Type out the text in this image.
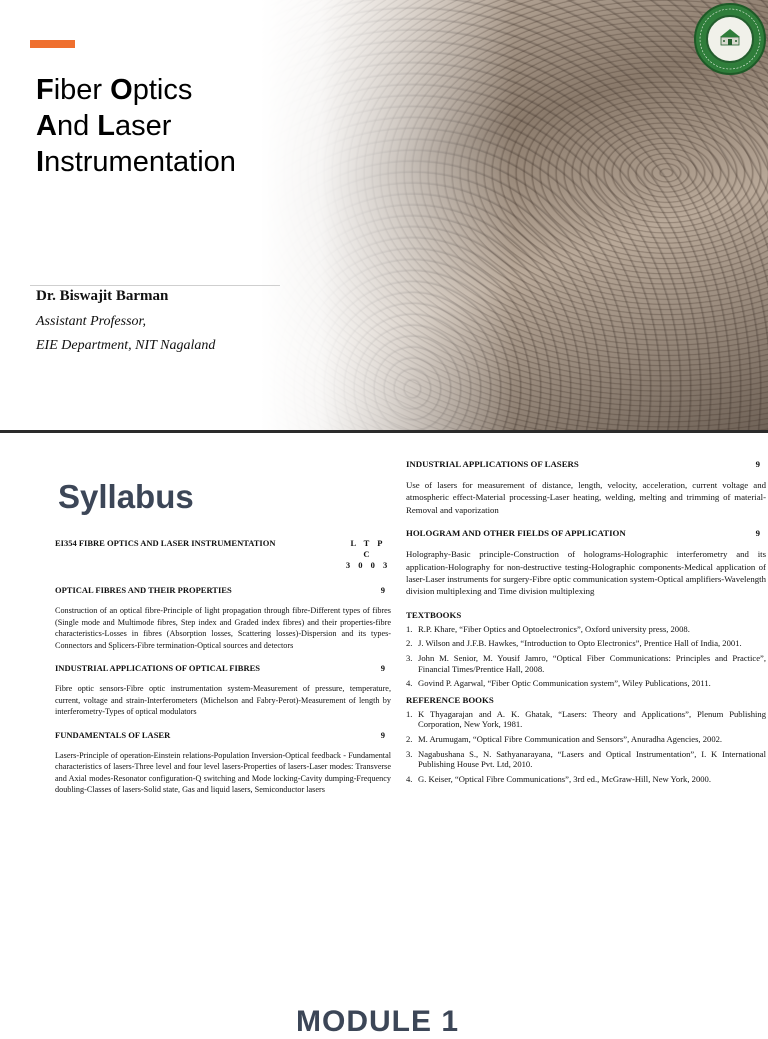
Fiber Optics
And Laser
Instrumentation
Dr. Biswajit Barman
Assistant Professor,
EIE Department, NIT Nagaland
Syllabus
EI354 FIBRE OPTICS AND LASER INSTRUMENTATION	L T P C
3 0 0 3
OPTICAL FIBRES AND THEIR PROPERTIES	9

Construction of an optical fibre-Principle of light propagation through fibre-Different types of fibres (Single mode and Multimode fibres, Step index and Graded index fibres) and their properties-fibre characteristics-Losses in fibres (Absorption losses, Scattering losses)-Dispersion and its types-Connectors and Splicers-Fibre termination-Optical sources and detectors

INDUSTRIAL APPLICATIONS OF OPTICAL FIBRES	9

Fibre optic sensors-Fibre optic instrumentation system-Measurement of pressure, temperature, current, voltage and strain-Interferometers (Michelson and Fabry-Perot)-Measurement of length by interferometry-Types of optical modulators

FUNDAMENTALS OF LASER	9

Lasers-Principle of operation-Einstein relations-Population Inversion-Optical feedback - Fundamental characteristics of lasers-Three level and four level lasers-Properties of lasers-Laser modes: Transverse and Axial modes-Resonator configuration-Q switching and Mode locking-Cavity dumping-Frequency doubling-Classes of lasers-Solid state, Gas and liquid lasers, Semiconductor lasers

INDUSTRIAL APPLICATIONS OF LASERS	9

Use of lasers for measurement of distance, length, velocity, acceleration, current voltage and atmospheric effect-Material processing-Laser heating, welding, melting and trimming of material-Removal and vaporization

HOLOGRAM AND OTHER FIELDS OF APPLICATION	9

Holography-Basic principle-Construction of holograms-Holographic interferometry and its application-Holography for non-destructive testing-Holographic components-Medical application of laser-Laser instruments for surgery-Fibre optic communication system-Optical amplifiers-Wavelength division multiplexing and Time division multiplexing

TEXTBOOKS
1. R.P. Khare, “Fiber Optics and Optoelectronics”, Oxford university press, 2008.
2. J. Wilson and J.F.B. Hawkes, “Introduction to Opto Electronics”, Prentice Hall of India, 2001.
3. John M. Senior, M. Yousif Jamro, “Optical Fiber Communications: Principles and Practice”, Financial Times/Prentice Hall, 2008.
4. Govind P. Agarwal, “Fiber Optic Communication system”, Wiley Publications, 2011.
REFERENCE BOOKS
1. K Thyagarajan and A. K. Ghatak, “Lasers: Theory and Applications”, Plenum Publishing Corporation, New York, 1981.
2. M. Arumugam, “Optical Fibre Communication and Sensors”, Anuradha Agencies, 2002.
3. Nagabushana S., N. Sathyanarayana, “Lasers and Optical Instrumentation”, I. K International Publishing House Pvt. Ltd, 2010.
4. G. Keiser, “Optical Fibre Communications”, 3rd ed., McGraw-Hill, New York, 2000.
MODULE 1
